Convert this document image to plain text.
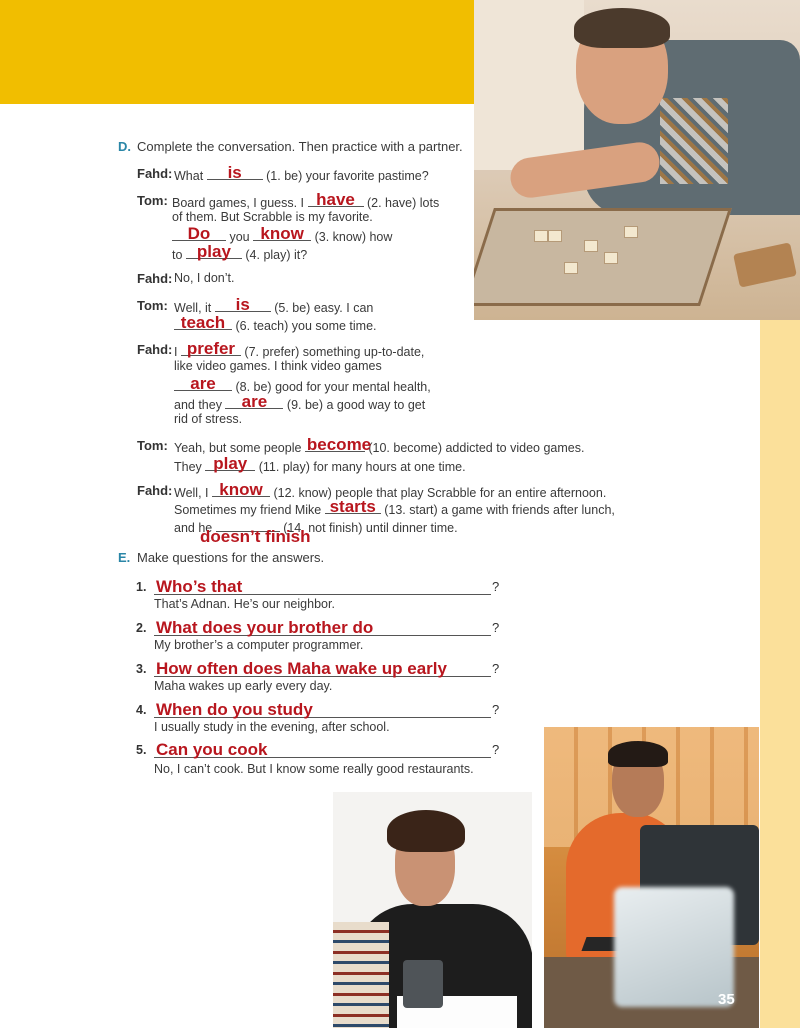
35
D. Complete the conversation. Then practice with a partner.
Fahd: What	is	(1. be) your favorite pastime?
Tom: Board games, I guess. I have (2. have) lots
of them. But Scrabble is my favorite.
Do	you know (3. know) how
to play (4. play) it?
Fahd: No, I don’t.
Tom: Well, it	is	(5. be) easy. I can
teach (6. teach) you some time.
Fahd: I prefer (7. prefer) something up-to-date,
like video games. I think video games
are	(8. be) good for your mental health,
and they are	(9. be) a good way to get
rid of stress.
Tom: Yeah, but some people become
(10. become) addicted to video games.
They play (11. play) for many hours at one time.
Fahd: Well, I know (12. know) people that play Scrabble for an entire afternoon.
Sometimes my friend Mike starts (13. start) a game with friends after lunch,
and he	(14. not finish) until dinner time.
doesn’t finish
E. Make questions for the answers.
1. Who’s that	?
That’s Adnan. He’s our neighbor.
2. What does your brother do	?
My brother’s a computer programmer.
3. How often does Maha wake up early	?
Maha wakes up early every day.
4. When do you study	?
I usually study in the evening, after school.
5. Can you cook	?
No, I can’t cook. But I know some really good restaurants.
